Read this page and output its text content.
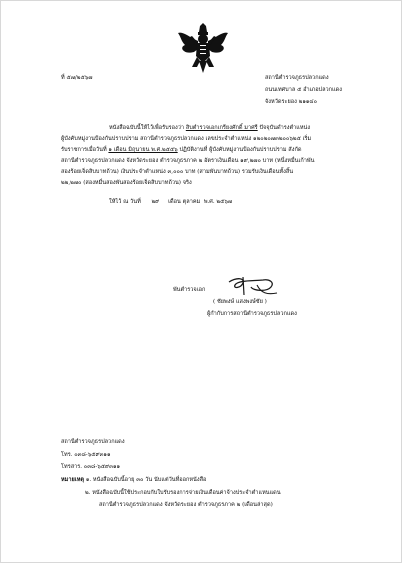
ที่ ๕๗/๒๕๖๗	สถานีตำรวจภูธรปลวกแดง
ถนนเทศบาล ๕ อำเภอปลวกแดง
จังหวัดระยอง ๒๑๑๔๐
หนังสือฉบับนี้ให้ไว้เพื่อรับรองว่า สิบตำรวจเอกเกรียงศักดิ์ มาศรี ปัจจุบันดำรงตำแหน่ง
ผู้บังคับหมู่งานป้องกันปราบปราม สถานีตำรวจภูธรปลวกแดง เลขประจำตำแหน่ง ๑๒๐๒๐๗๓๒๐๐๖๒๕ เริ่ม
รับราชการเมื่อวันที่ ๑ เดือน มิถุนายน พ.ศ.๒๕๕๖ ปฏิบัติงานที่ ผู้บังคับหมู่งานป้องกันปราบปราม สังกัด
สถานีตำรวจภูธรปลวกแดง จังหวัดระยอง ตำรวจภูธรภาค ๒ อัตราเงินเดือน ๑๙,๒๗๐ บาท (หนึ่งหมื่นเก้าพัน
สองร้อยเจ็ดสิบบาทถ้วน) เงินประจำตำแหน่ง ๓,๐๐๐ บาท (สามพันบาทถ้วน) รวมรับเงินเดือนทั้งสิ้น
๒๒,๒๗๐ (สองหมื่นสองพันสองร้อยเจ็ดสิบบาทถ้วน) จริง
ให้ไว้ ณ วันที่ ๒๙ เดือน ตุลาคม พ.ศ. ๒๕๖๗
พันตำรวจเอก
( ชัยพงษ์ แสงพงษ์ชัย )
ผู้กำกับการสถานีตำรวจภูธรปลวกแดง
สถานีตำรวจภูธรปลวกแดง
โทร. ๐๓๘-๖๕๙๓๑๑
โทรสาร. ๐๓๘-๖๕๙๓๑๑
หมายเหตุ ๑. หนังสือฉบับนี้อายุ ๓๐ วัน นับแต่วันที่ออกหนังสือ
๒. หนังสือฉบับนี้ใช้ประกอบกับใบรับรองการจ่ายเงินเดือนค่าจ้างประจำตำแหนแดน
สถานีตำรวจภูธรปลวกแดง จังหวัดระยอง ตำรวจภูธรภาค ๒ (เดือนล่าสุด)
